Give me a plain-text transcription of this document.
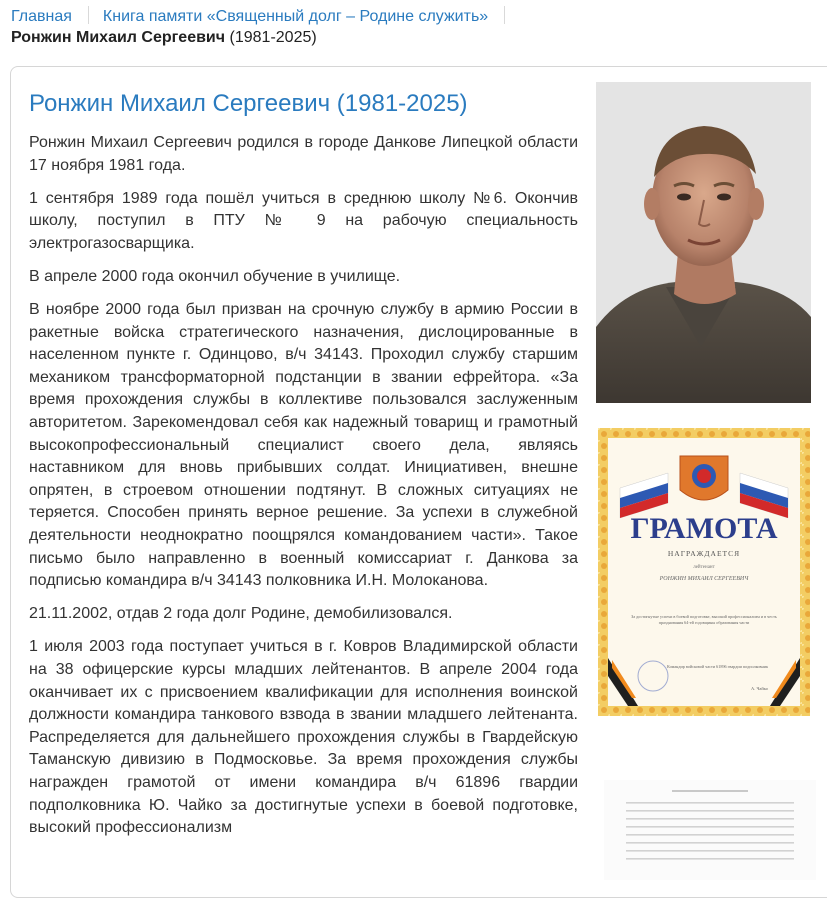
Главная Книга памяти «Священный долг – Родине служить»
Ронжин Михаил Сергеевич (1981-2025)
Ронжин Михаил Сергеевич (1981-2025)

Ронжин Михаил Сергеевич родился в городе Данкове Липецкой области 17 ноября 1981 года.

1 сентября 1989 года пошёл учиться в среднюю школу №6. Окончив школу, поступил в ПТУ № 9 на рабочую специальность электрогазосварщика.

В апреле 2000 года окончил обучение в училище.

В ноябре 2000 года был призван на срочную службу в армию России в ракетные войска стратегического назначения, дислоцированные в населенном пункте г. Одинцово, в/ч 34143. Проходил службу старшим механиком трансформаторной подстанции в звании ефрейтора. «За время прохождения службы в коллективе пользовался заслуженным авторитетом. Зарекомендовал себя как надежный товарищ и грамотный высокопрофессиональный специалист своего дела, являясь наставником для вновь прибывших солдат. Инициативен, внешне опрятен, в строевом отношении подтянут. В сложных ситуациях не теряется. Способен принять верное решение. За успехи в служебной деятельности неоднократно поощрялся командованием части». Такое письмо было направленно в военный комиссариат г. Данкова за подписью командира в/ч 34143 полковника И.Н. Молоканова.

21.11.2002, отдав 2 года долг Родине, демобилизовался.

1 июля 2003 года поступает учиться в г. Ковров Владимирской области на 38 офицерские курсы младших лейтенантов. В апреле 2004 года оканчивает их с присвоением квалификации для исполнения воинской должности командира танкового взвода в звании младшего лейтенанта. Распределяется для дальнейшего прохождения службы в Гвардейскую Таманскую дивизию в Подмосковье. За время прохождения службы награжден грамотой от имени командира в/ч 61896 гвардии подполковника Ю. Чайко за достигнутые успехи в боевой подготовке, высокий профессионализм

ГРАМОТА
НАГРАЖДАЕТСЯ
лейтенант
РОНЖИН МИХАИЛ СЕРГЕЕВИЧ
За достигнутые успехи в боевой подготовке, высокий профессионализм и в честь празднования 64-ей годовщины образования части
Командир войсковой части 61896 гвардии подполковник
А. Чайко
